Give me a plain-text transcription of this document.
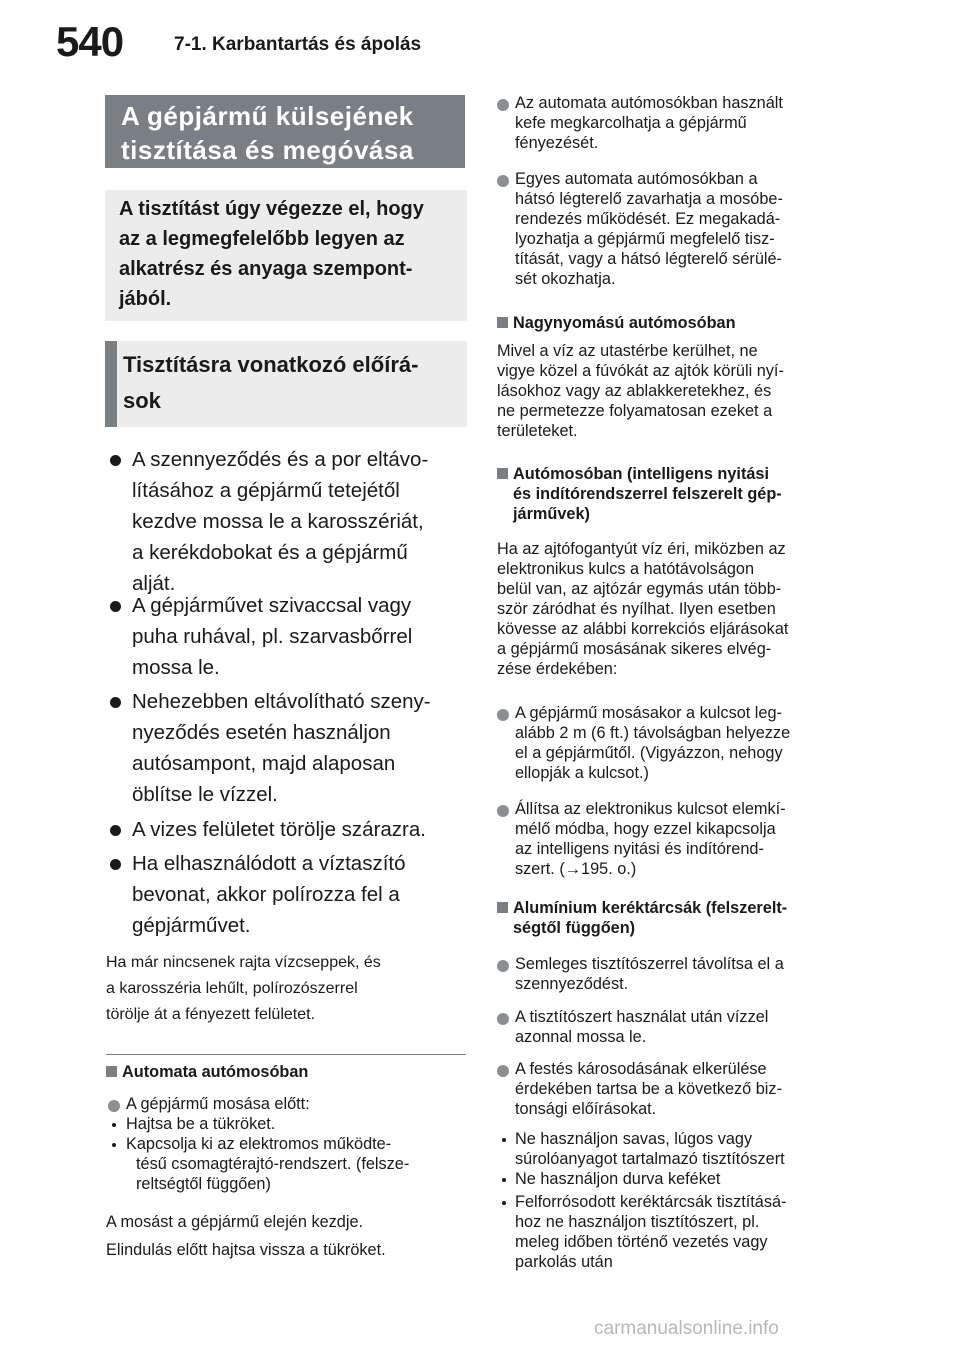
540	7-1. Karbantartás és ápolás
A gépjármű külsejének
tisztítása és megóvása
A tisztítást úgy végezze el, hogy
az a legmegfelelőbb legyen az
alkatrész és anyaga szempont-
jából.
Tisztításra vonatkozó előírá-
sok
A szennyeződés és a por eltávo-
lításához a gépjármű tetejétől
kezdve mossa le a karosszériát,
a kerékdobokat és a gépjármű
alját.
A gépjárművet szivaccsal vagy
puha ruhával, pl. szarvasbőrrel
mossa le.
Nehezebben eltávolítható szeny-
nyeződés esetén használjon
autósampont, majd alaposan
öblítse le vízzel.
A vizes felületet törölje szárazra.
Ha elhasználódott a víztaszító
bevonat, akkor polírozza fel a
gépjárművet.
Ha már nincsenek rajta vízcseppek, és
a karosszéria lehűlt, polírozószerrel
törölje át a fényezett felületet.
Automata autómosóban
A gépjármű mosása előtt:
Hajtsa be a tükröket.
Kapcsolja ki az elektromos működte-
tésű csomagtérajtó-rendszert. (felsze-
reltségtől függően)
A mosást a gépjármű elején kezdje.
Elindulás előtt hajtsa vissza a tükröket.
Az automata autómosókban használt
kefe megkarcolhatja a gépjármű
fényezését.
Egyes automata autómosókban a
hátsó légterelő zavarhatja a mosóbe-
rendezés működését. Ez megakadá-
lyozhatja a gépjármű megfelelő tisz-
títását, vagy a hátsó légterelő sérülé-
sét okozhatja.
Nagynyomású autómosóban
Mivel a víz az utastérbe kerülhet, ne
vigye közel a fúvókát az ajtók körüli nyí-
lásokhoz vagy az ablakkeretekhez, és
ne permetezze folyamatosan ezeket a
területeket.
Autómosóban (intelligens nyitási
és indítórendszerrel felszerelt gép-
járművek)
Ha az ajtófogantyút víz éri, miközben az
elektronikus kulcs a hatótávolságon
belül van, az ajtózár egymás után több-
ször záródhat és nyílhat. Ilyen esetben
kövesse az alábbi korrekciós eljárásokat
a gépjármű mosásának sikeres elvég-
zése érdekében:
A gépjármű mosásakor a kulcsot leg-
alább 2 m (6 ft.) távolságban helyezze
el a gépjárműtől. (Vigyázzon, nehogy
ellopják a kulcsot.)
Állítsa az elektronikus kulcsot elemkí-
mélő módba, hogy ezzel kikapcsolja
az intelligens nyitási és indítórend-
szert. (→195. o.)
Alumínium keréktárcsák (felszerelt-
ségtől függően)
Semleges tisztítószerrel távolítsa el a
szennyeződést.
A tisztítószert használat után vízzel
azonnal mossa le.
A festés károsodásának elkerülése
érdekében tartsa be a következő biz-
tonsági előírásokat.
Ne használjon savas, lúgos vagy
súrolóanyagot tartalmazó tisztítószert
Ne használjon durva keféket
Felforrósodott keréktárcsák tisztításá-
hoz ne használjon tisztítószert, pl.
meleg időben történő vezetés vagy
parkolás után
carmanualsonline.info
